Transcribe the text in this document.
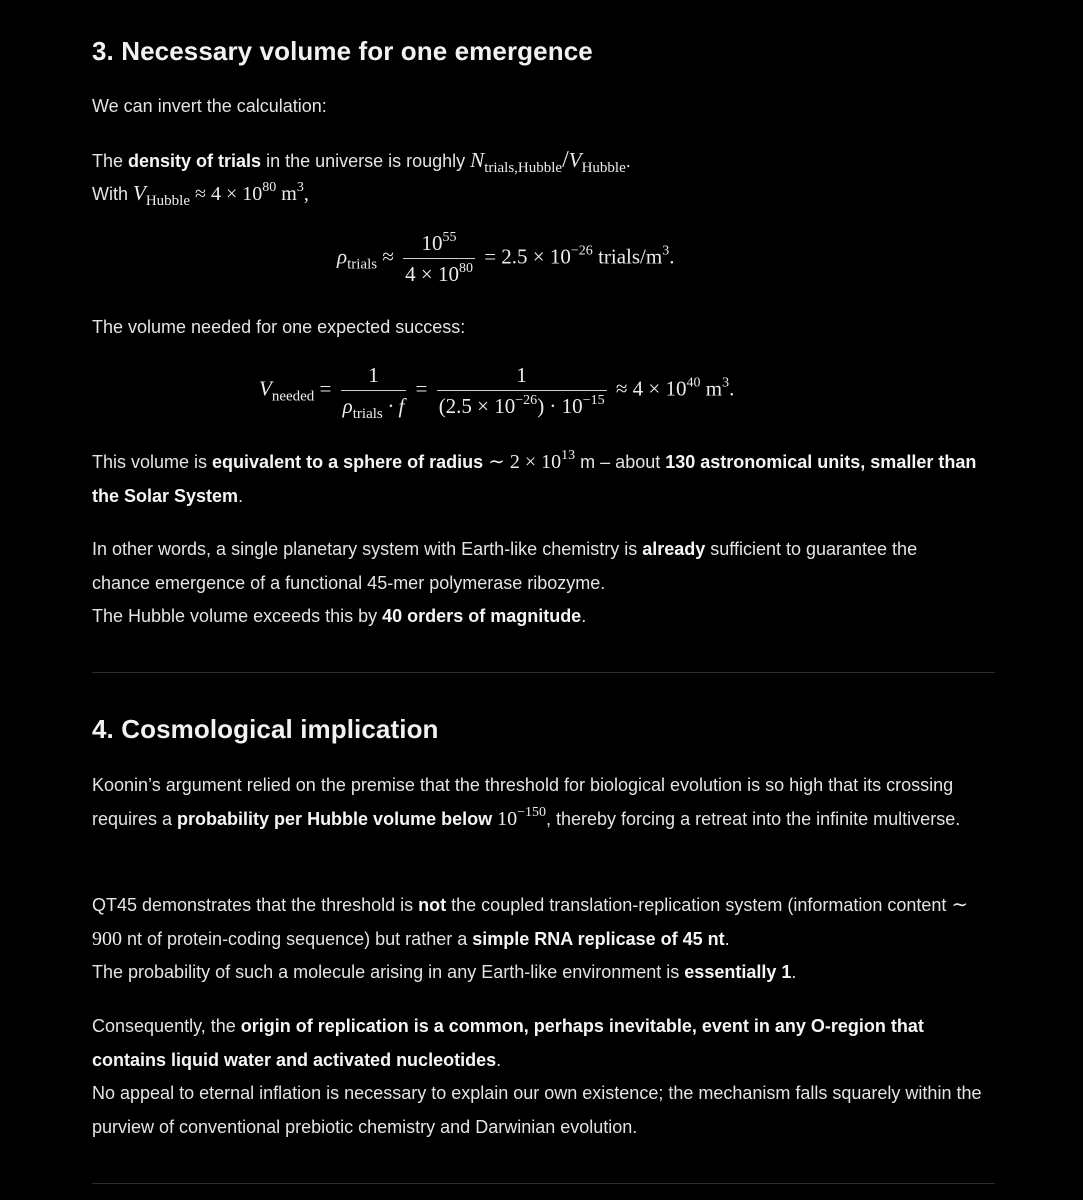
3. Necessary volume for one emergence

We can invert the calculation:

The density of trials in the universe is roughly $N_{trials,Hubble}/V_{Hubble}$.

With $V_{Hubble} \approx 4 \times 10^{80}$ $m^3$,

$\rho_{trials} \approx \frac{10^{55}}{4 \times 10^{80}} = 2.5 \times 10^{-26}$ trials/$m^3$.

The volume needed for one expected success:

$V_{needed} = \frac{1}{\rho_{trials} \cdot f} = \frac{1}{(2.5 \times 10^{-26}) \cdot 10^{-15}} \approx 4 \times 10^{40}$ $m^3$.

This volume is equivalent to a sphere of radius ∼ $2 \times 10^{13}$ m – about 130 astronomical units, smaller than the Solar System.

In other words, a single planetary system with Earth-like chemistry is already sufficient to guarantee the chance emergence of a functional 45-mer polymerase ribozyme.
The Hubble volume exceeds this by 40 orders of magnitude.

4. Cosmological implication

Koonin’s argument relied on the premise that the threshold for biological evolution is so high that its crossing requires a probability per Hubble volume below $10^{-150}$, thereby forcing a retreat into the infinite multiverse.

QT45 demonstrates that the threshold is not the coupled translation-replication system (information content ∼ 900 nt of protein-coding sequence) but rather a simple RNA replicase of 45 nt.
The probability of such a molecule arising in any Earth-like environment is essentially 1.

Consequently, the origin of replication is a common, perhaps inevitable, event in any O-region that contains liquid water and activated nucleotides.
No appeal to eternal inflation is necessary to explain our own existence; the mechanism falls squarely within the purview of conventional prebiotic chemistry and Darwinian evolution.
